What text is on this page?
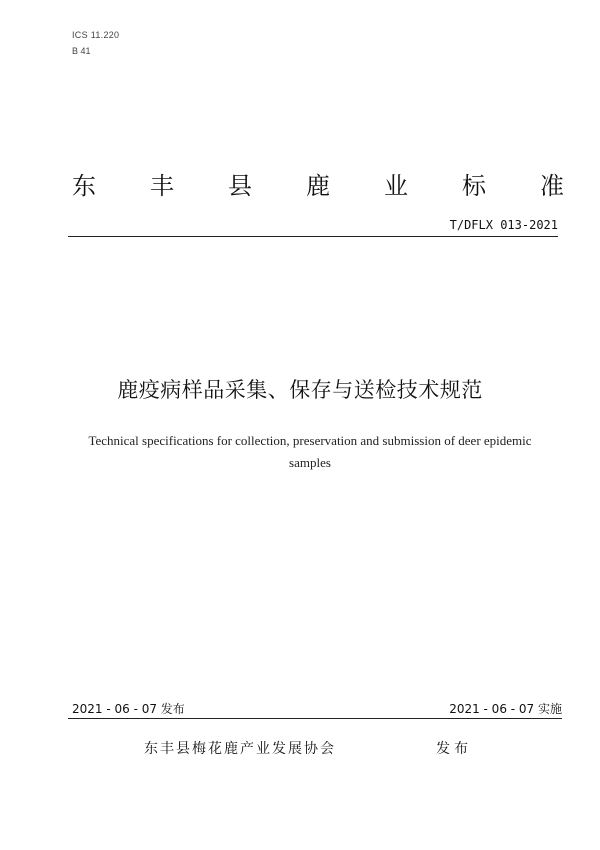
ICS 11.220
B 41
东 丰 县 鹿 业 标 准
T/DFLX 013-2021
鹿疫病样品采集、保存与送检技术规范
Technical specifications for collection, preservation and submission of deer epidemic
samples
2021 - 06 - 07 发布	2021 - 06 - 07 实施
东丰县梅花鹿产业发展协会	发布
